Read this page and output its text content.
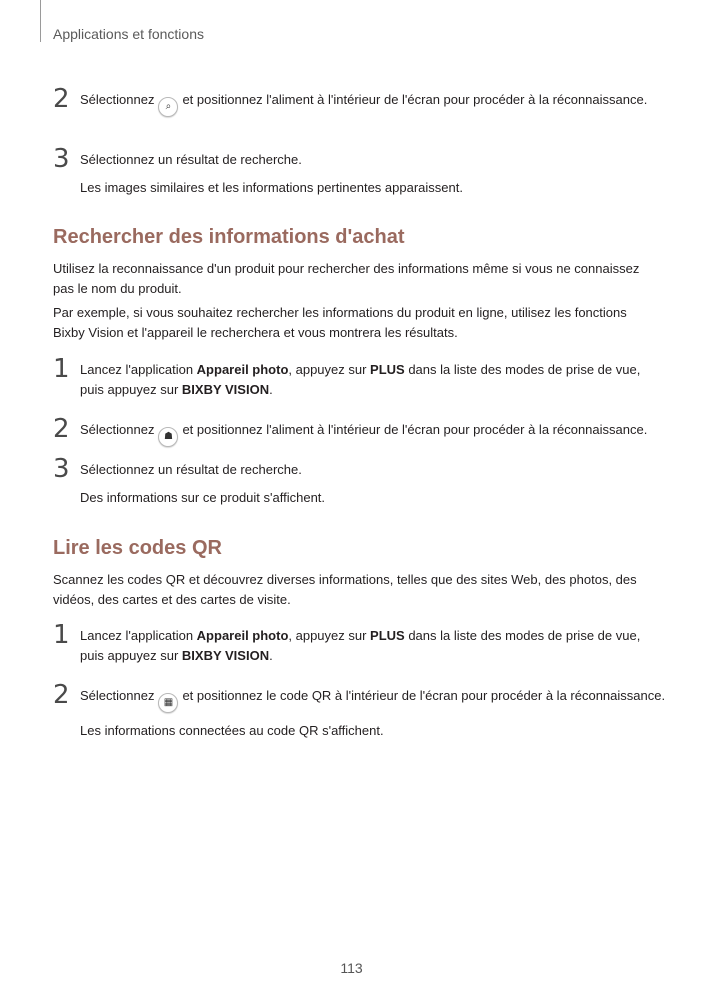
Applications et fonctions
2 Sélectionnez ⌕ et positionnez l'aliment à l'intérieur de l'écran pour procéder à la réconnaissance.
3 Sélectionnez un résultat de recherche.
Les images similaires et les informations pertinentes apparaissent.
Rechercher des informations d'achat
Utilisez la reconnaissance d'un produit pour rechercher des informations même si vous ne connaissez pas le nom du produit.
Par exemple, si vous souhaitez rechercher les informations du produit en ligne, utilisez les fonctions Bixby Vision et l'appareil le recherchera et vous montrera les résultats.
1 Lancez l'application Appareil photo, appuyez sur PLUS dans la liste des modes de prise de vue, puis appuyez sur BIXBY VISION.
2 Sélectionnez ☗ et positionnez l'aliment à l'intérieur de l'écran pour procéder à la réconnaissance.
3 Sélectionnez un résultat de recherche.
Des informations sur ce produit s'affichent.
Lire les codes QR
Scannez les codes QR et découvrez diverses informations, telles que des sites Web, des photos, des vidéos, des cartes et des cartes de visite.
1 Lancez l'application Appareil photo, appuyez sur PLUS dans la liste des modes de prise de vue, puis appuyez sur BIXBY VISION.
2 Sélectionnez ▦ et positionnez le code QR à l'intérieur de l'écran pour procéder à la réconnaissance.
Les informations connectées au code QR s'affichent.
113
